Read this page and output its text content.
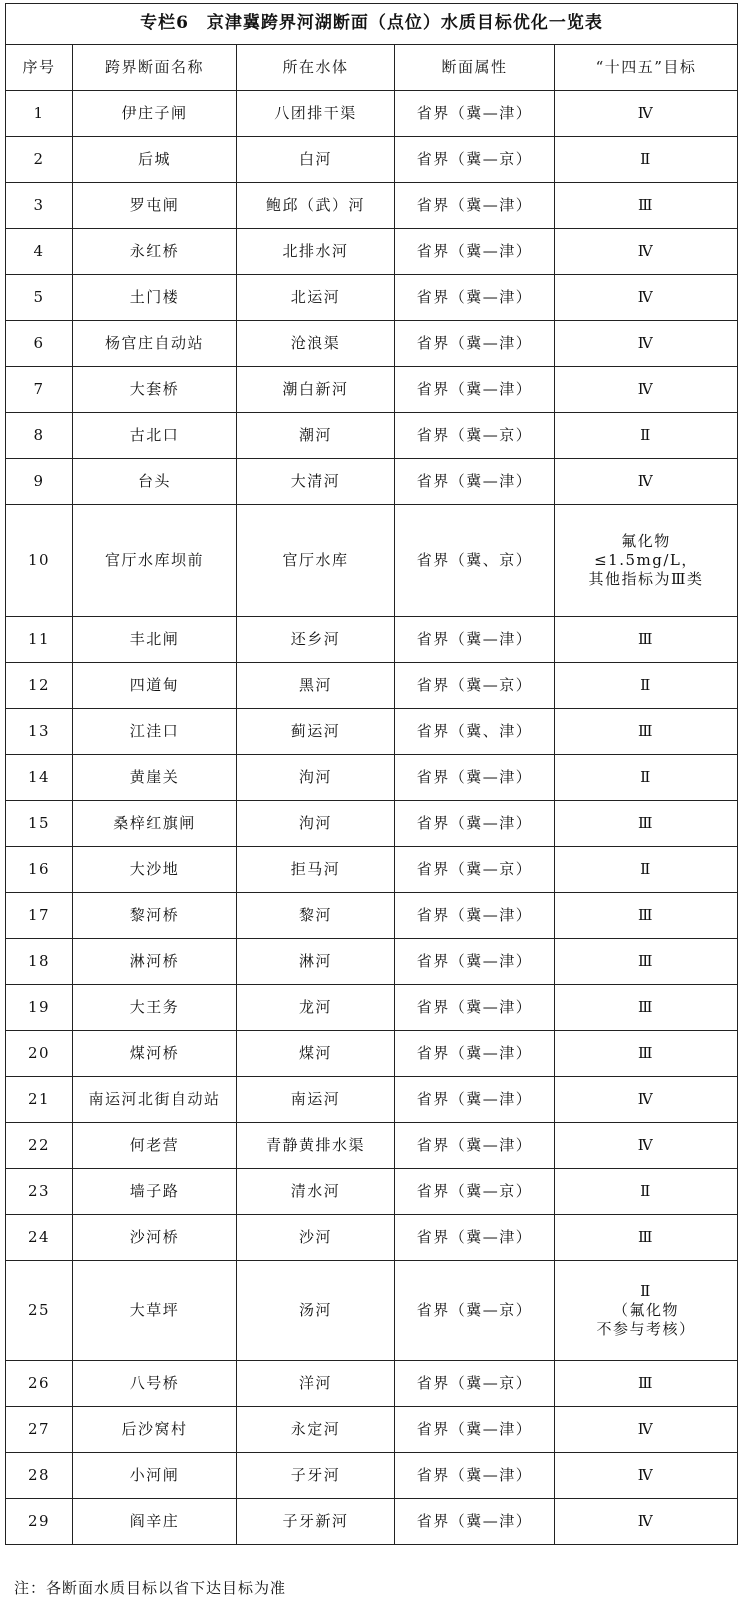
专栏6　京津冀跨界河湖断面（点位）水质目标优化一览表				
序号	跨界断面名称	所在水体	断面属性	“十四五”目标
1	伊庄子闸	八团排干渠	省界（冀—津）	Ⅳ
2	后城	白河	省界（冀—京）	Ⅱ
3	罗屯闸	鲍邱（武）河	省界（冀—津）	Ⅲ
4	永红桥	北排水河	省界（冀—津）	Ⅳ
5	土门楼	北运河	省界（冀—津）	Ⅳ
6	杨官庄自动站	沧浪渠	省界（冀—津）	Ⅳ
7	大套桥	潮白新河	省界（冀—津）	Ⅳ
8	古北口	潮河	省界（冀—京）	Ⅱ
9	台头	大清河	省界（冀—津）	Ⅳ
10	官厅水库坝前	官厅水库	省界（冀、京）	氟化物
≤1.5mg/L，
其他指标为Ⅲ类

11	丰北闸	还乡河	省界（冀—津）	Ⅲ
12	四道甸	黑河	省界（冀—京）	Ⅱ
13	江洼口	蓟运河	省界（冀、津）	Ⅲ
14	黄崖关	泃河	省界（冀—津）	Ⅱ
15	桑梓红旗闸	泃河	省界（冀—津）	Ⅲ
16	大沙地	拒马河	省界（冀—京）	Ⅱ
17	黎河桥	黎河	省界（冀—津）	Ⅲ
18	淋河桥	淋河	省界（冀—津）	Ⅲ
19	大王务	龙河	省界（冀—津）	Ⅲ
20	煤河桥	煤河	省界（冀—津）	Ⅲ
21	南运河北街自动站	南运河	省界（冀—津）	Ⅳ
22	何老营	青静黄排水渠	省界（冀—津）	Ⅳ
23	墙子路	清水河	省界（冀—京）	Ⅱ
24	沙河桥	沙河	省界（冀—津）	Ⅲ
25	大草坪	汤河	省界（冀—京）	Ⅱ
（氟化物
不参与考核）

26	八号桥	洋河	省界（冀—京）	Ⅲ
27	后沙窝村	永定河	省界（冀—津）	Ⅳ
28	小河闸	子牙河	省界（冀—津）	Ⅳ
29	阎辛庄	子牙新河	省界（冀—津）	Ⅳ
注：各断面水质目标以省下达目标为准
